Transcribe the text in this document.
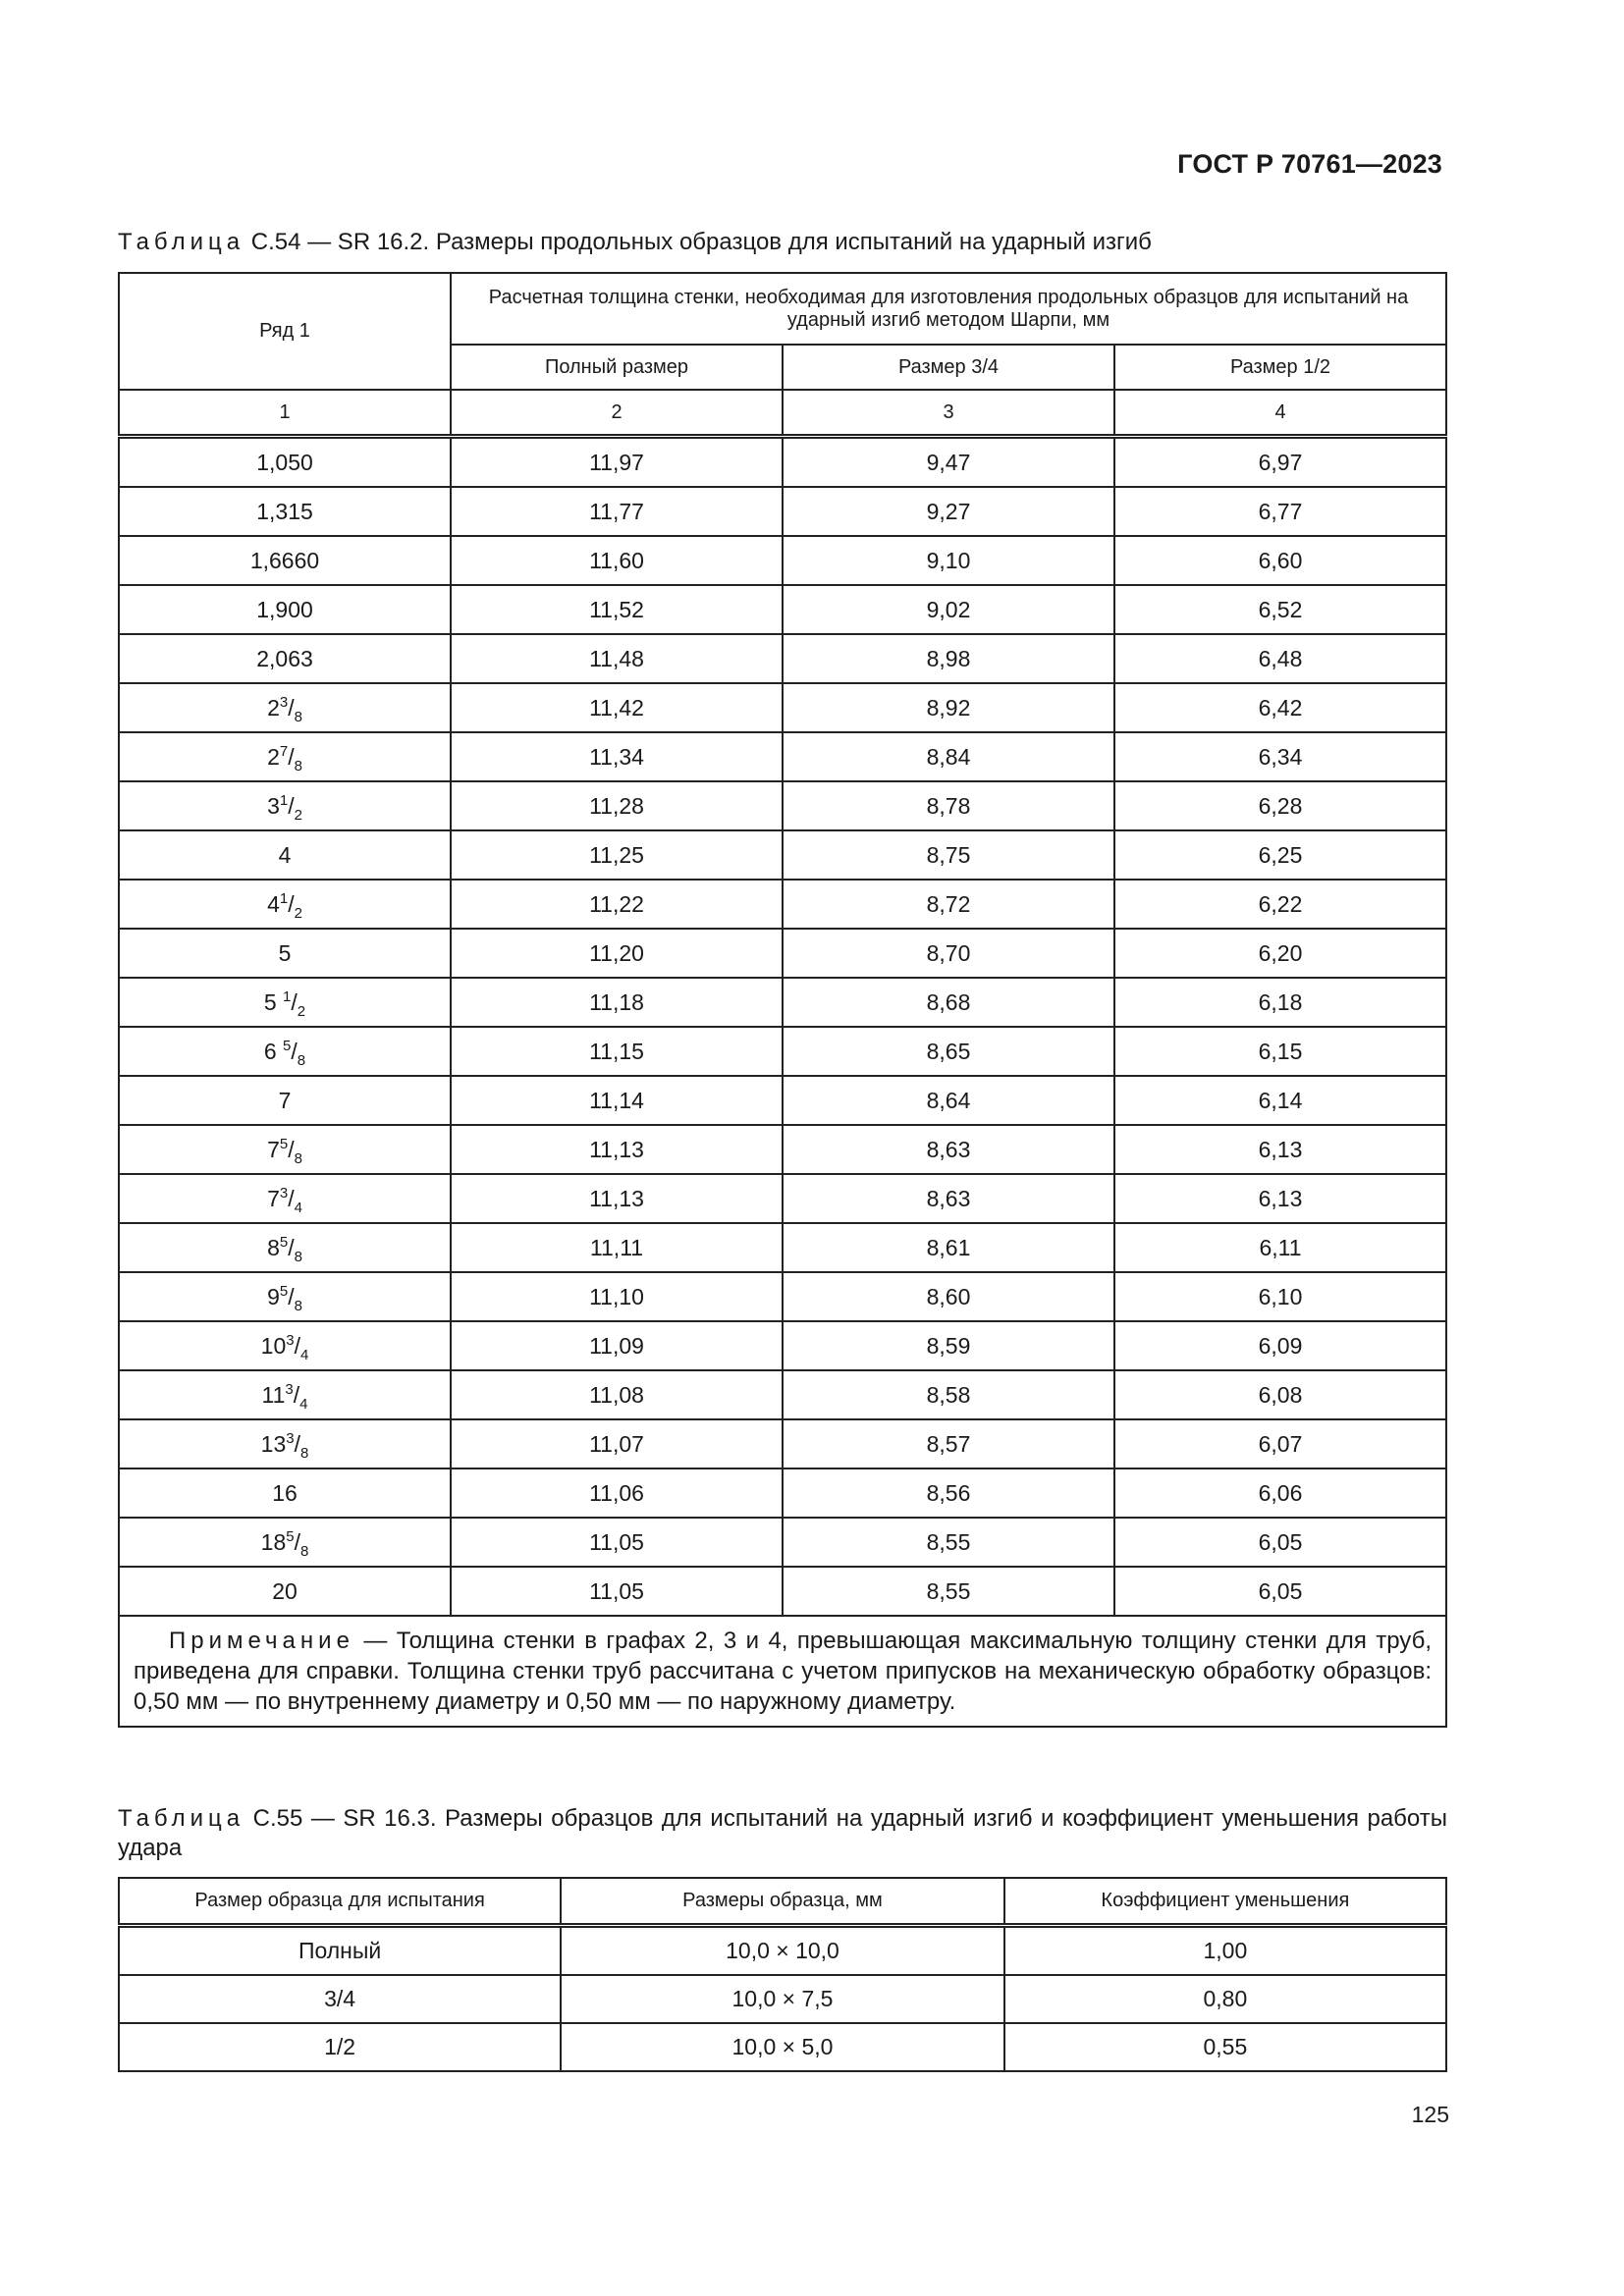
ГОСТ Р 70761—2023
Таблица С.54 — SR 16.2. Размеры продольных образцов для испытаний на ударный изгиб
Ряд 1	Расчетная толщина стенки, необходимая для изготовления продольных образцов для испытаний на ударный изгиб методом Шарпи, мм		
	Полный размер	Размер 3/4	Размер 1/2
1	2	3	4
1,050	11,97	9,47	6,97
1,315	11,77	9,27	6,77
1,6660	11,60	9,10	6,60
1,900	11,52	9,02	6,52
2,063	11,48	8,98	6,48
$2^3/_8$	11,42	8,92	6,42
$2^7/_8$	11,34	8,84	6,34
$3^1/_2$	11,28	8,78	6,28
4	11,25	8,75	6,25
$4^1/_2$	11,22	8,72	6,22
5	11,20	8,70	6,20
5 $^1/_2$	11,18	8,68	6,18
6 $^5/_8$	11,15	8,65	6,15
7	11,14	8,64	6,14
$7^5/_8$	11,13	8,63	6,13
$7^3/_4$	11,13	8,63	6,13
$8^5/_8$	11,11	8,61	6,11
$9^5/_8$	11,10	8,60	6,10
$10^3/_4$	11,09	8,59	6,09
$11^3/_4$	11,08	8,58	6,08
$13^3/_8$	11,07	8,57	6,07
16	11,06	8,56	6,06
$18^5/_8$	11,05	8,55	6,05
20	11,05	8,55	6,05
Примечание — Толщина стенки в графах 2, 3 и 4, превышающая максимальную толщину стенки для труб, приведена для справки. Толщина стенки труб рассчитана с учетом припусков на механическую обработку образцов: 0,50 мм — по внутреннему диаметру и 0,50 мм — по наружному диаметру.			
Таблица С.55 — SR 16.3. Размеры образцов для испытаний на ударный изгиб и коэффициент уменьшения работы удара
Размер образца для испытания	Размеры образца, мм	Коэффициент уменьшения
Полный	10,0 × 10,0	1,00
3/4	10,0 × 7,5	0,80
1/2	10,0 × 5,0	0,55
125
